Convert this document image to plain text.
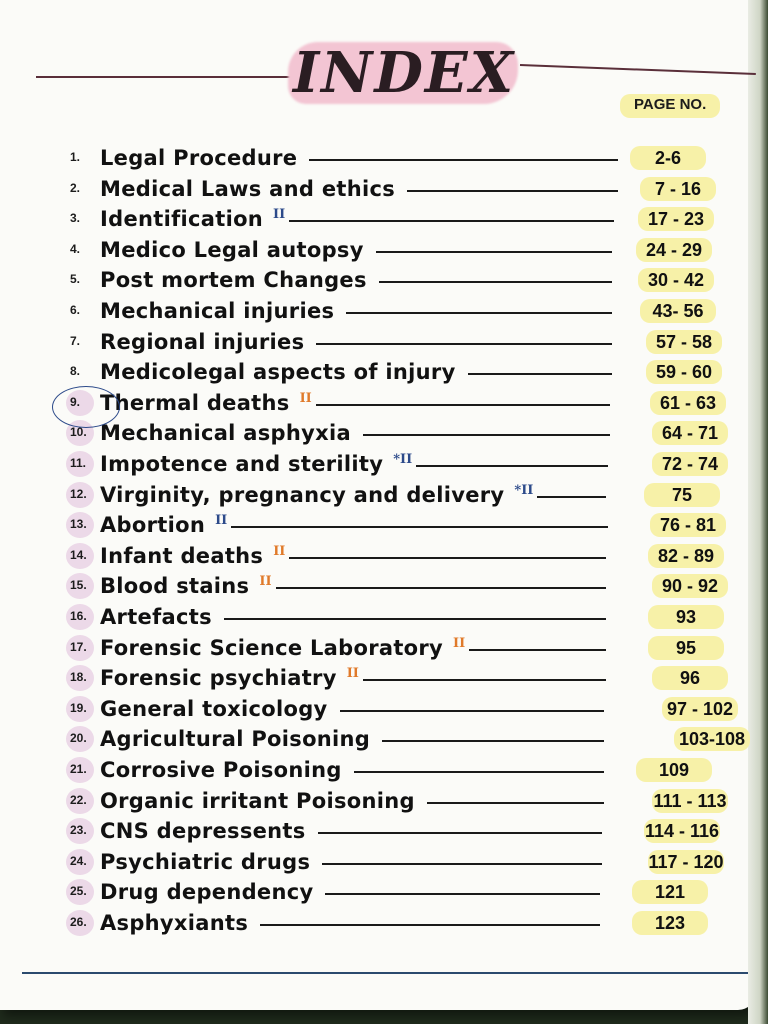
INDEX	PAGE NO.
1. Legal Procedure	2-6
2. Medical Laws and ethics	7 - 16
3. Identification II	17 - 23
4. Medico Legal autopsy	24 - 29
5. Post mortem Changes	30 - 42
6. Mechanical injuries	43- 56
7. Regional injuries	57 - 58
8. Medicolegal aspects of injury	59 - 60
9. Thermal deaths II	61 - 63
10. Mechanical asphyxia	64 - 71
11. Impotence and sterility *II	72 - 74
12. Virginity, pregnancy and delivery *II	75
13. Abortion II	76 - 81
14. Infant deaths II	82 - 89
15. Blood stains II	90 - 92
16. Artefacts	93
17. Forensic Science Laboratory II	95
18. Forensic psychiatry II	96
19. General toxicology	97 - 102
20. Agricultural Poisoning	103-108
21. Corrosive Poisoning	109
22. Organic irritant Poisoning	111 - 113
23. CNS depressents	114 - 116
24. Psychiatric drugs	117 - 120
25. Drug dependency	121
26. Asphyxiants	123
